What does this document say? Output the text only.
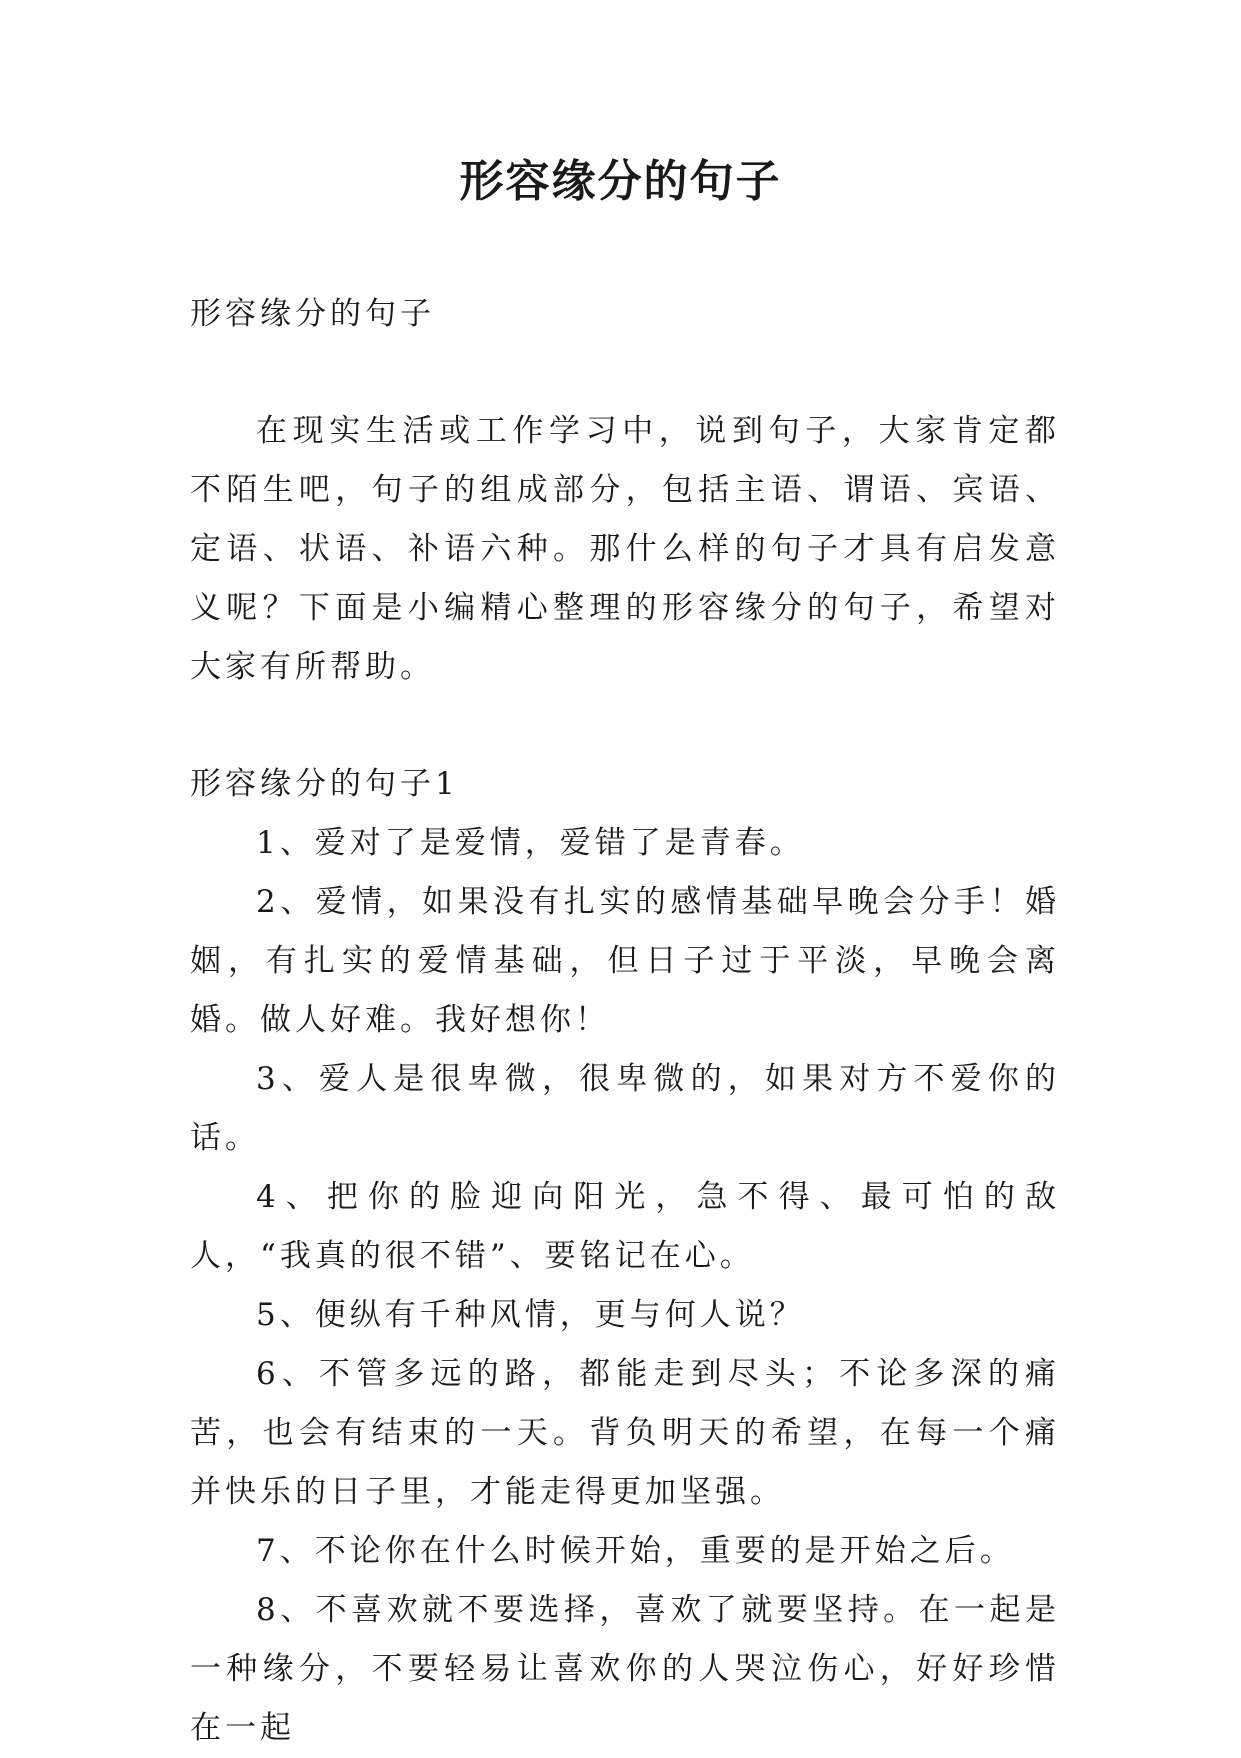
形容缘分的句子

形容缘分的句子

在现实生活或工作学习中，说到句子，大家肯定都不陌生吧，句子的组成部分，包括主语、谓语、宾语、定语、状语、补语六种。那什么样的句子才具有启发意义呢？下面是小编精心整理的形容缘分的句子，希望对大家有所帮助。

形容缘分的句子1

1、爱对了是爱情，爱错了是青春。

2、爱情，如果没有扎实的感情基础早晚会分手！婚姻，有扎实的爱情基础，但日子过于平淡，早晚会离婚。做人好难。我好想你！

3、爱人是很卑微，很卑微的，如果对方不爱你的话。

4、把你的脸迎向阳光，急不得、最可怕的敌人，“我真的很不错”、要铭记在心。

5、便纵有千种风情，更与何人说？

6、不管多远的路，都能走到尽头；不论多深的痛苦，也会有结束的一天。背负明天的希望，在每一个痛并快乐的日子里，才能走得更加坚强。

7、不论你在什么时候开始，重要的是开始之后。

8、不喜欢就不要选择，喜欢了就要坚持。在一起是一种缘分，不要轻易让喜欢你的人哭泣伤心，好好珍惜在一起
